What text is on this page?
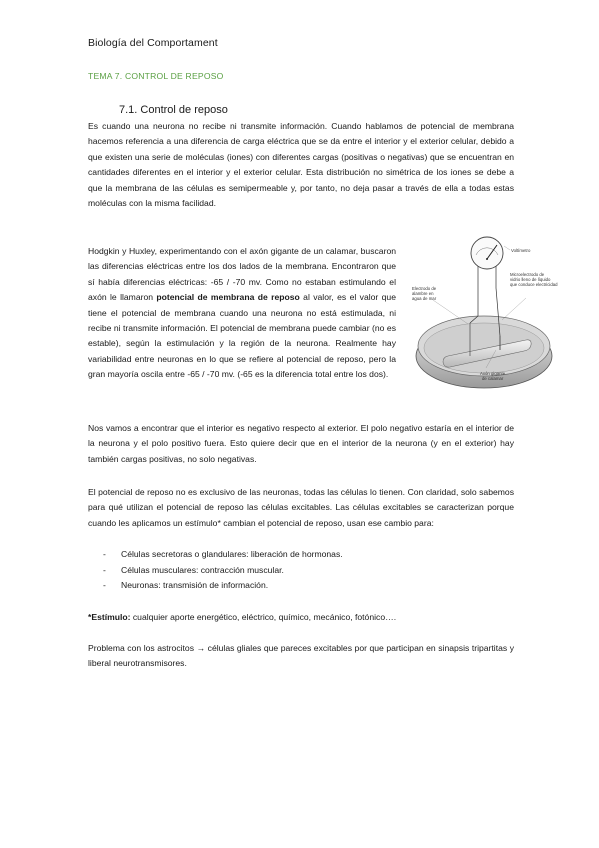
Biología del Comportament
TEMA 7. CONTROL DE REPOSO
7.1. Control de reposo
Es cuando una neurona no recibe ni transmite información. Cuando hablamos de potencial de membrana hacemos referencia a una diferencia de carga eléctrica que se da entre el interior y el exterior celular, debido a que existen una serie de moléculas (iones) con diferentes cargas (positivas o negativas) que se encuentran en cantidades diferentes en el interior y el exterior celular. Esta distribución no simétrica de los iones se debe a que la membrana de las células es semipermeable y, por tanto, no deja pasar a través de ella a todas estas moléculas con la misma facilidad.
Hodgkin y Huxley, experimentando con el axón gigante de un calamar, buscaron las diferencias eléctricas entre los dos lados de la membrana. Encontraron que sí había diferencias eléctricas: -65 / -70 mv. Como no estaban estimulando el axón le llamaron potencial de membrana de reposo al valor, es el valor que tiene el potencial de membrana cuando una neurona no está estimulada, ni recibe ni transmite información. El potencial de membrana puede cambiar (no es estable), según la estimulación y la región de la neurona. Realmente hay variabilidad entre neuronas en lo que se refiere al potencial de reposo, pero la gran mayoría oscila entre -65 / -70 mv. (-65 es la diferencia total entre los dos).
Voltímetro
Electrodo de alambre en agua de mar
Microelectrodo de vidrio lleno de líquido que conduce electricidad
Axón gigante de calamar
Nos vamos a encontrar que el interior es negativo respecto al exterior. El polo negativo estaría en el interior de la neurona y el polo positivo fuera. Esto quiere decir que en el interior de la neurona (y en el exterior) hay también cargas positivas, no solo negativas.
El potencial de reposo no es exclusivo de las neuronas, todas las células lo tienen. Con claridad, solo sabemos para qué utilizan el potencial de reposo las células excitables. Las células excitables se caracterizan porque cuando les aplicamos un estímulo* cambian el potencial de reposo, usan ese cambio para:
-	Células secretoras o glandulares: liberación de hormonas.
-	Células musculares: contracción muscular.
-	Neuronas: transmisión de información.
*Estímulo: cualquier aporte energético, eléctrico, químico, mecánico, fotónico….
Problema con los astrocitos → células gliales que pareces excitables por que participan en sinapsis tripartitas y liberal neurotransmisores.
